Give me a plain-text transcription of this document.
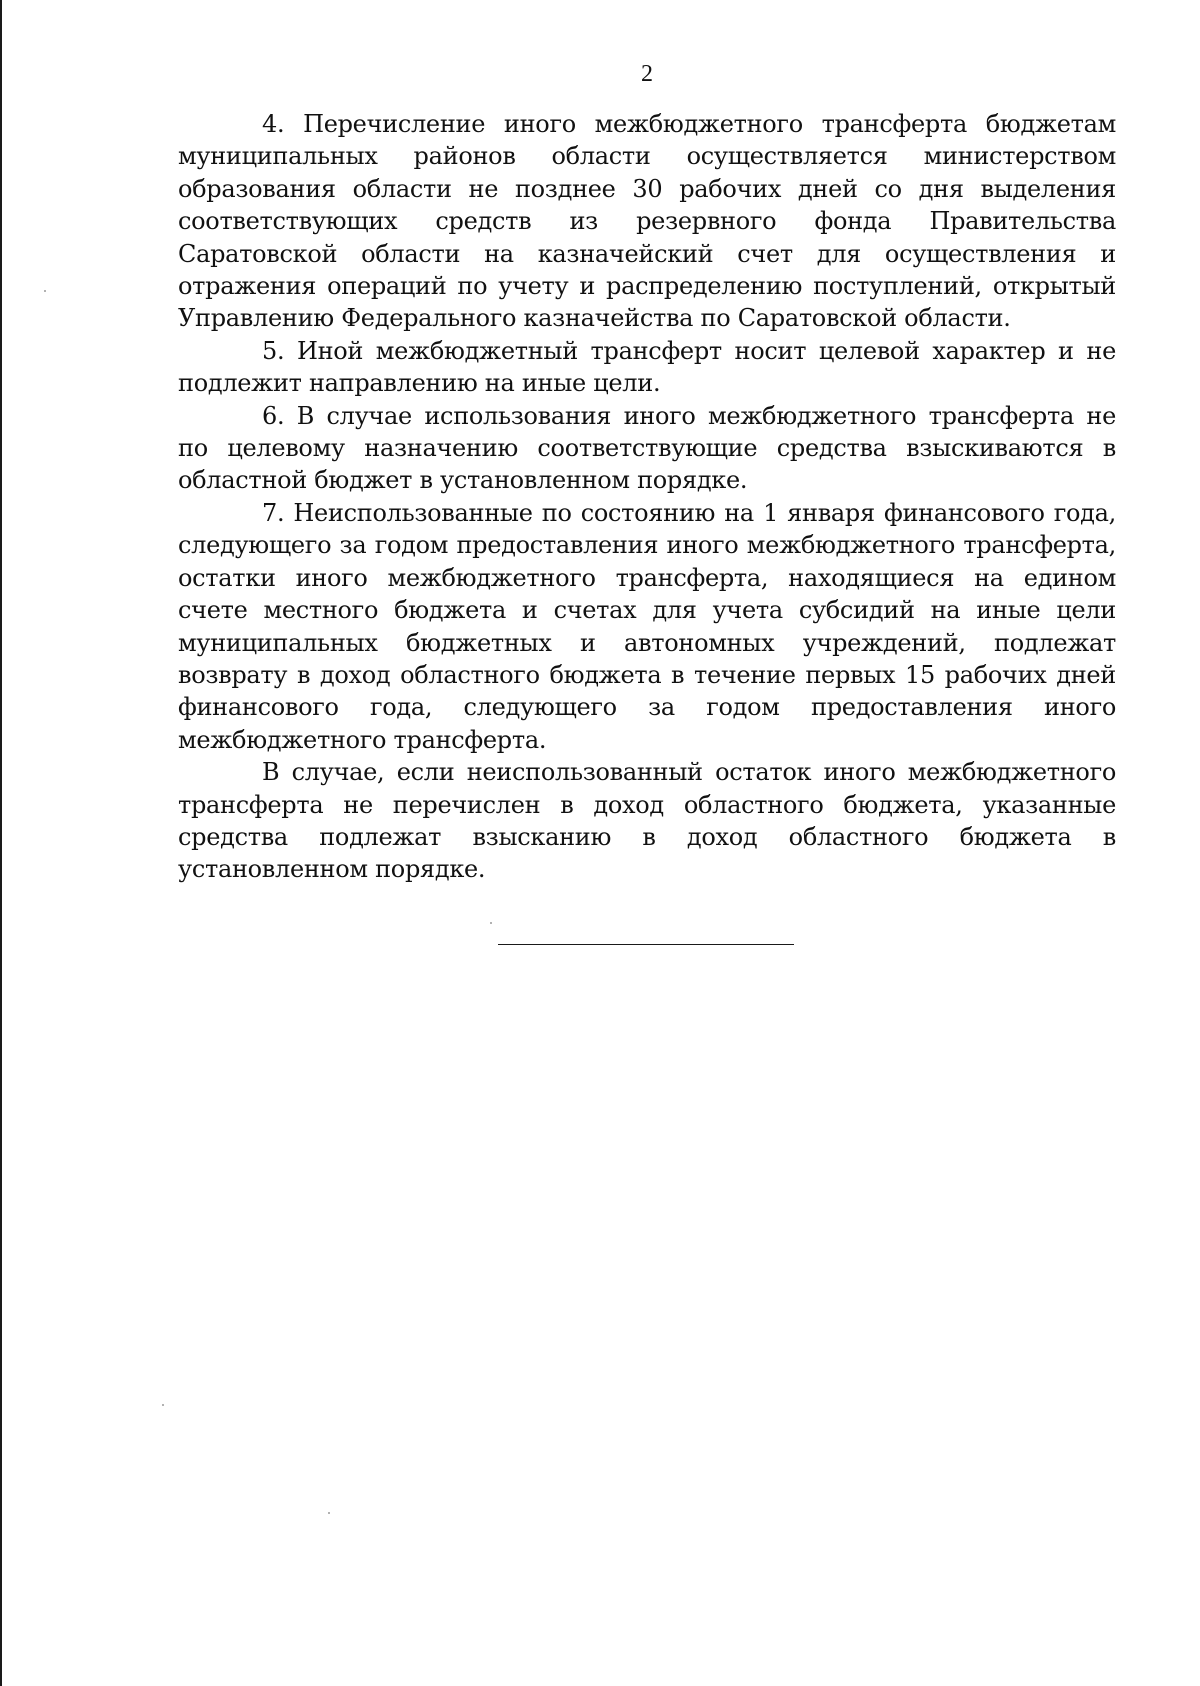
2

4. Перечисление иного межбюджетного трансферта бюджетам муниципальных районов области осуществляется министерством образования области не позднее 30 рабочих дней со дня выделения соответствующих средств из резервного фонда Правительства Саратовской области на казначейский счет для осуществления и отражения операций по учету и распределению поступлений, открытый Управлению Федерального казначейства по Саратовской области.

5. Иной межбюджетный трансферт носит целевой характер и не подлежит направлению на иные цели.

6. В случае использования иного межбюджетного трансферта не по целевому назначению соответствующие средства взыскиваются в областной бюджет в установленном порядке.

7. Неиспользованные по состоянию на 1 января финансового года, следующего за годом предоставления иного межбюджетного трансферта, остатки иного межбюджетного трансферта, находящиеся на едином счете местного бюджета и счетах для учета субсидий на иные цели муниципальных бюджетных и автономных учреждений, подлежат возврату в доход областного бюджета в течение первых 15 рабочих дней финансового года, следующего за годом предоставления иного межбюджетного трансферта.

В случае, если неиспользованный остаток иного межбюджетного трансферта не перечислен в доход областного бюджета, указанные средства подлежат взысканию в доход областного бюджета в установленном порядке.
